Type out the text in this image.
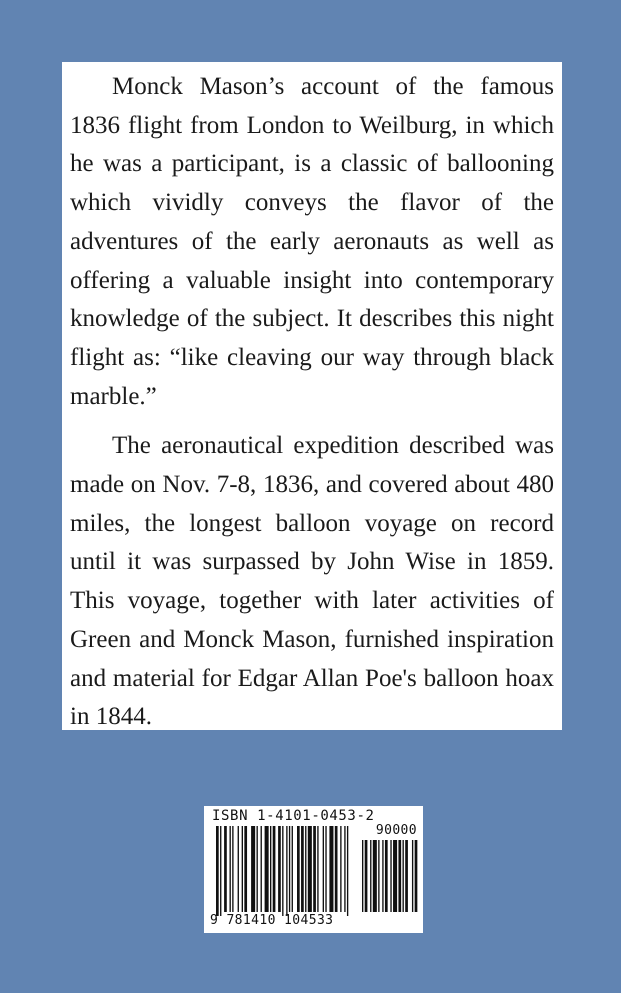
Monck Mason’s account of the famous 1836 flight from London to Weilburg, in which he was a participant, is a classic of ballooning which vividly conveys the flavor of the adventures of the early aeronauts as well as offering a valuable insight into contemporary knowledge of the subject. It describes this night flight as: “like cleaving our way through black marble.”

The aeronautical expedition described was made on Nov. 7-8, 1836, and covered about 480 miles, the longest balloon voyage on record until it was surpassed by John Wise in 1859. This voyage, together with later activities of Green and Monck Mason, furnished inspiration and material for Edgar Allan Poe's balloon hoax in 1844.

ISBN 1-4101-0453-2
90000
9 781410 104533
